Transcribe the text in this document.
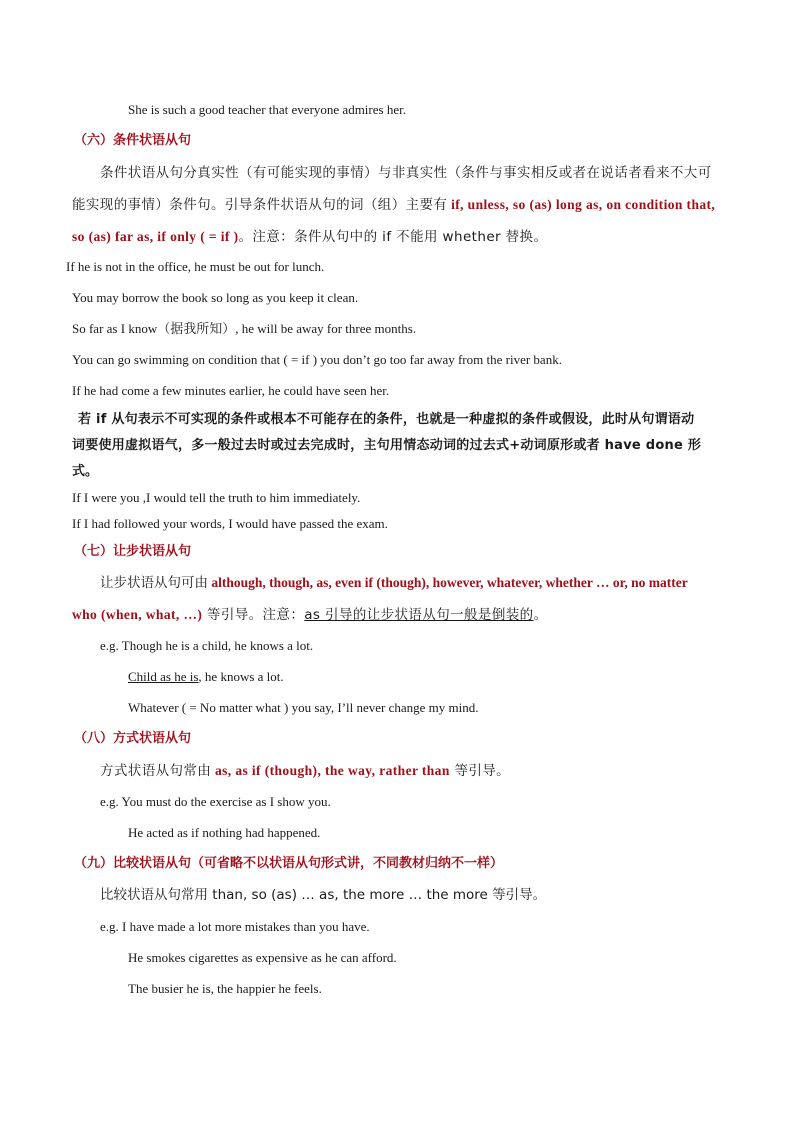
She is such a good teacher that everyone admires her.
（六）条件状语从句
条件状语从句分真实性（有可能实现的事情）与非真实性（条件与事实相反或者在说话者看来不大可
能实现的事情）条件句。引导条件状语从句的词（组）主要有 if, unless, so (as) long as, on condition that,
so (as) far as, if only ( = if )。注意：条件从句中的 if 不能用 whether 替换。
If he is not in the office, he must be out for lunch.
You may borrow the book so long as you keep it clean.
So far as I know（据我所知）, he will be away for three months.
You can go swimming on condition that ( = if ) you don’t go too far away from the river bank.
If he had come a few minutes earlier, he could have seen her.
若 if 从句表示不可实现的条件或根本不可能存在的条件，也就是一种虚拟的条件或假设，此时从句谓语动
词要使用虚拟语气，多一般过去时或过去完成时，主句用情态动词的过去式+动词原形或者 have done 形
式。
If I were you ,I would tell the truth to him immediately.
If I had followed your words, I would have passed the exam.
（七）让步状语从句
让步状语从句可由 although, though, as, even if (though), however, whatever, whether … or, no matter
who (when, what, …) 等引导。注意：as 引导的让步状语从句一般是倒装的。
e.g. Though he is a child, he knows a lot.
Child as he is, he knows a lot.
Whatever ( = No matter what ) you say, I’ll never change my mind.
（八）方式状语从句
方式状语从句常由 as, as if (though), the way, rather than 等引导。
e.g. You must do the exercise as I show you.
He acted as if nothing had happened.
（九）比较状语从句（可省略不以状语从句形式讲，不同教材归纳不一样）
比较状语从句常用 than, so (as) … as, the more … the more 等引导。
e.g. I have made a lot more mistakes than you have.
He smokes cigarettes as expensive as he can afford.
The busier he is, the happier he feels.
